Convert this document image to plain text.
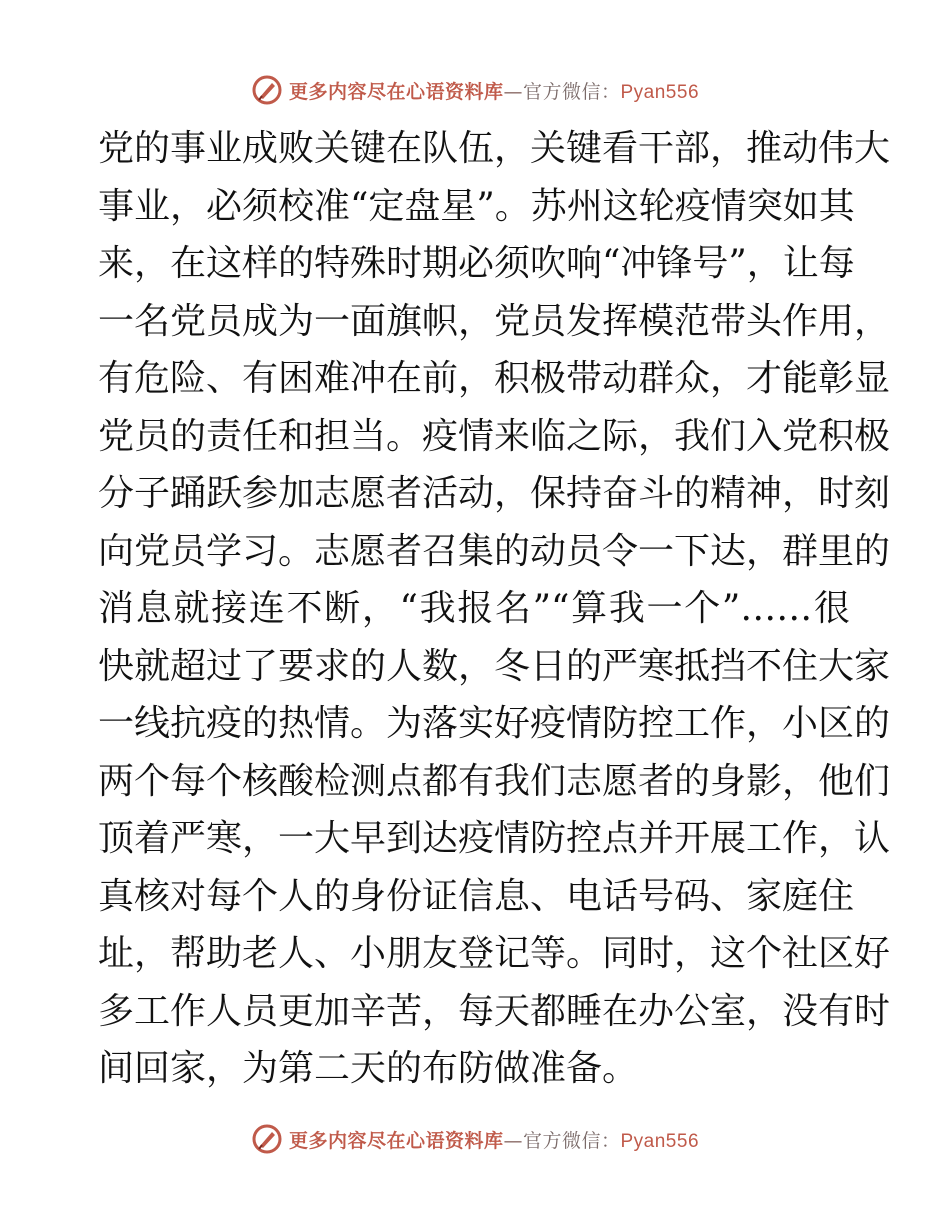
更多内容尽在心语资料库—官方微信：Pyan556
党的事业成败关键在队伍，关键看干部，推动伟大
事业，必须校准“定盘星”。苏州这轮疫情突如其
来，在这样的特殊时期必须吹响“冲锋号”，让每
一名党员成为一面旗帜，党员发挥模范带头作用，
有危险、有困难冲在前，积极带动群众，才能彰显
党员的责任和担当。疫情来临之际，我们入党积极
分子踊跃参加志愿者活动，保持奋斗的精神，时刻
向党员学习。志愿者召集的动员令一下达，群里的
消息就接连不断，“我报名”“算我一个”……很
快就超过了要求的人数，冬日的严寒抵挡不住大家
一线抗疫的热情。为落实好疫情防控工作，小区的
两个每个核酸检测点都有我们志愿者的身影，他们
顶着严寒，一大早到达疫情防控点并开展工作，认
真核对每个人的身份证信息、电话号码、家庭住
址，帮助老人、小朋友登记等。同时，这个社区好
多工作人员更加辛苦，每天都睡在办公室，没有时
间回家，为第二天的布防做准备。
更多内容尽在心语资料库—官方微信：Pyan556
